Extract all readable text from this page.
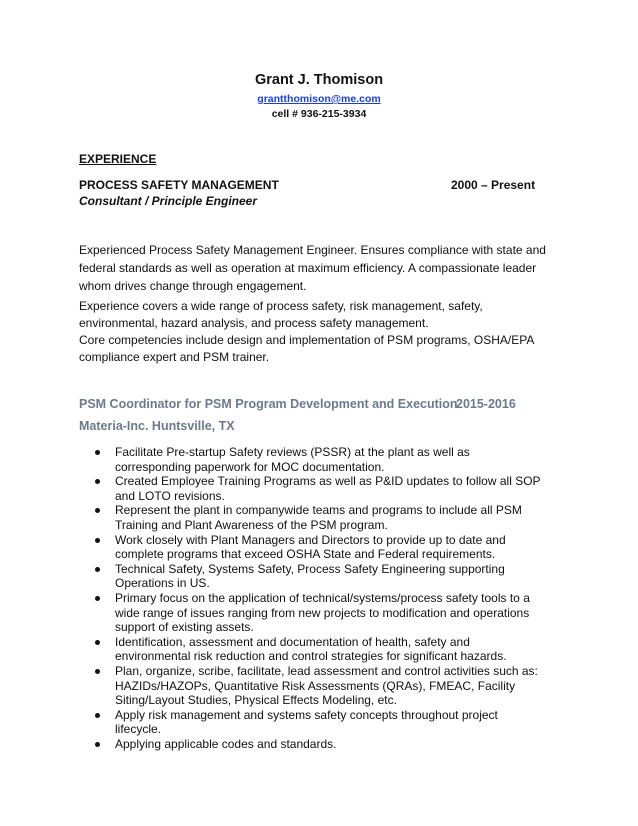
Grant J. Thomison
grantthomison@me.com
cell # 936-215-3934
EXPERIENCE
PROCESS SAFETY MANAGEMENT	2000 – Present
Consultant / Principle Engineer
Experienced Process Safety Management Engineer. Ensures compliance with state and federal standards as well as operation at maximum efficiency. A compassionate leader whom drives change through engagement.
Experience covers a wide range of process safety, risk management, safety, environmental, hazard analysis, and process safety management.
Core competencies include design and implementation of PSM programs, OSHA/EPA compliance expert and PSM trainer.
PSM Coordinator for PSM Program Development and Execution
2015-2016
Materia-Inc. Huntsville, TX
Facilitate Pre-startup Safety reviews (PSSR) at the plant as well as corresponding paperwork for MOC documentation.
Created Employee Training Programs as well as P&ID updates to follow all SOP and LOTO revisions.
Represent the plant in companywide teams and programs to include all PSM Training and Plant Awareness of the PSM program.
Work closely with Plant Managers and Directors to provide up to date and complete programs that exceed OSHA State and Federal requirements.
Technical Safety, Systems Safety, Process Safety Engineering supporting Operations in US.
Primary focus on the application of technical/systems/process safety tools to a wide range of issues ranging from new projects to modification and operations support of existing assets.
Identification, assessment and documentation of health, safety and environmental risk reduction and control strategies for significant hazards.
Plan, organize, scribe, facilitate, lead assessment and control activities such as: HAZIDs/HAZOPs, Quantitative Risk Assessments (QRAs), FMEAC, Facility Siting/Layout Studies, Physical Effects Modeling, etc.
Apply risk management and systems safety concepts throughout project lifecycle.
Applying applicable codes and standards.
